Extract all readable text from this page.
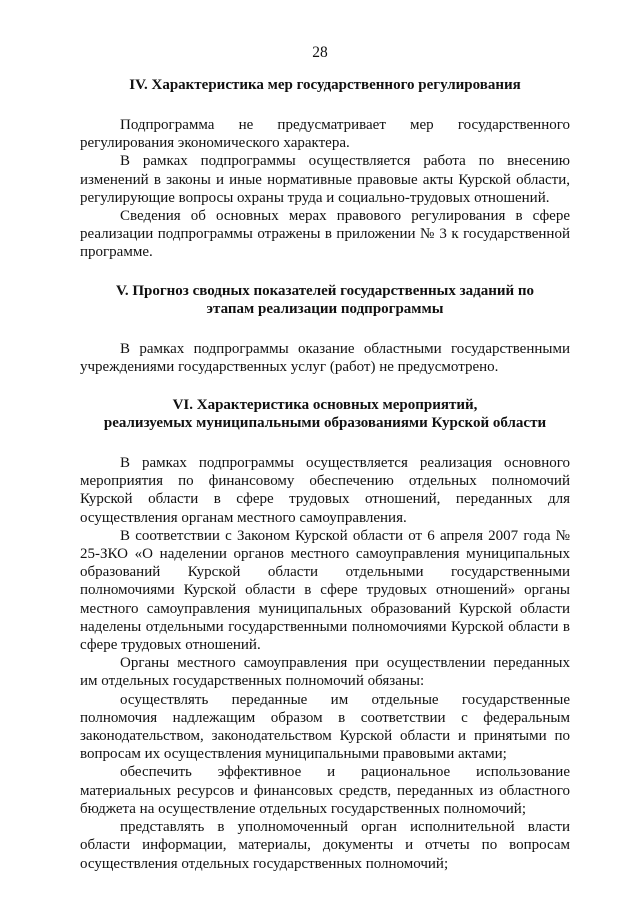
28
IV. Характеристика мер государственного регулирования

Подпрограмма не предусматривает мер государственного регулирования экономического характера.

В рамках подпрограммы осуществляется работа по внесению изменений в законы и иные нормативные правовые акты Курской области, регулирующие вопросы охраны труда и социально-трудовых отношений.

Сведения об основных мерах правового регулирования в сфере реализации подпрограммы отражены в приложении № 3 к государственной программе.

V. Прогноз сводных показателей государственных заданий по
этапам реализации подпрограммы

В рамках подпрограммы оказание областными государственными учреждениями государственных услуг (работ) не предусмотрено.

VI. Характеристика основных мероприятий,
реализуемых муниципальными образованиями Курской области

В рамках подпрограммы осуществляется реализация основного мероприятия по финансовому обеспечению отдельных полномочий Курской области в сфере трудовых отношений, переданных для осуществления органам местного самоуправления.

В соответствии с Законом Курской области от 6 апреля 2007 года № 25-ЗКО «О наделении органов местного самоуправления муниципальных образований Курской области отдельными государственными полномочиями Курской области в сфере трудовых отношений» органы местного самоуправления муниципальных образований Курской области наделены отдельными государственными полномочиями Курской области в сфере трудовых отношений.

Органы местного самоуправления при осуществлении переданных им отдельных государственных полномочий обязаны:

осуществлять переданные им отдельные государственные полномочия надлежащим образом в соответствии с федеральным законодательством, законодательством Курской области и принятыми по вопросам их осуществления муниципальными правовыми актами;

обеспечить эффективное и рациональное использование материальных ресурсов и финансовых средств, переданных из областного бюджета на осуществление отдельных государственных полномочий;

представлять в уполномоченный орган исполнительной власти области информации, материалы, документы и отчеты по вопросам осуществления отдельных государственных полномочий;
